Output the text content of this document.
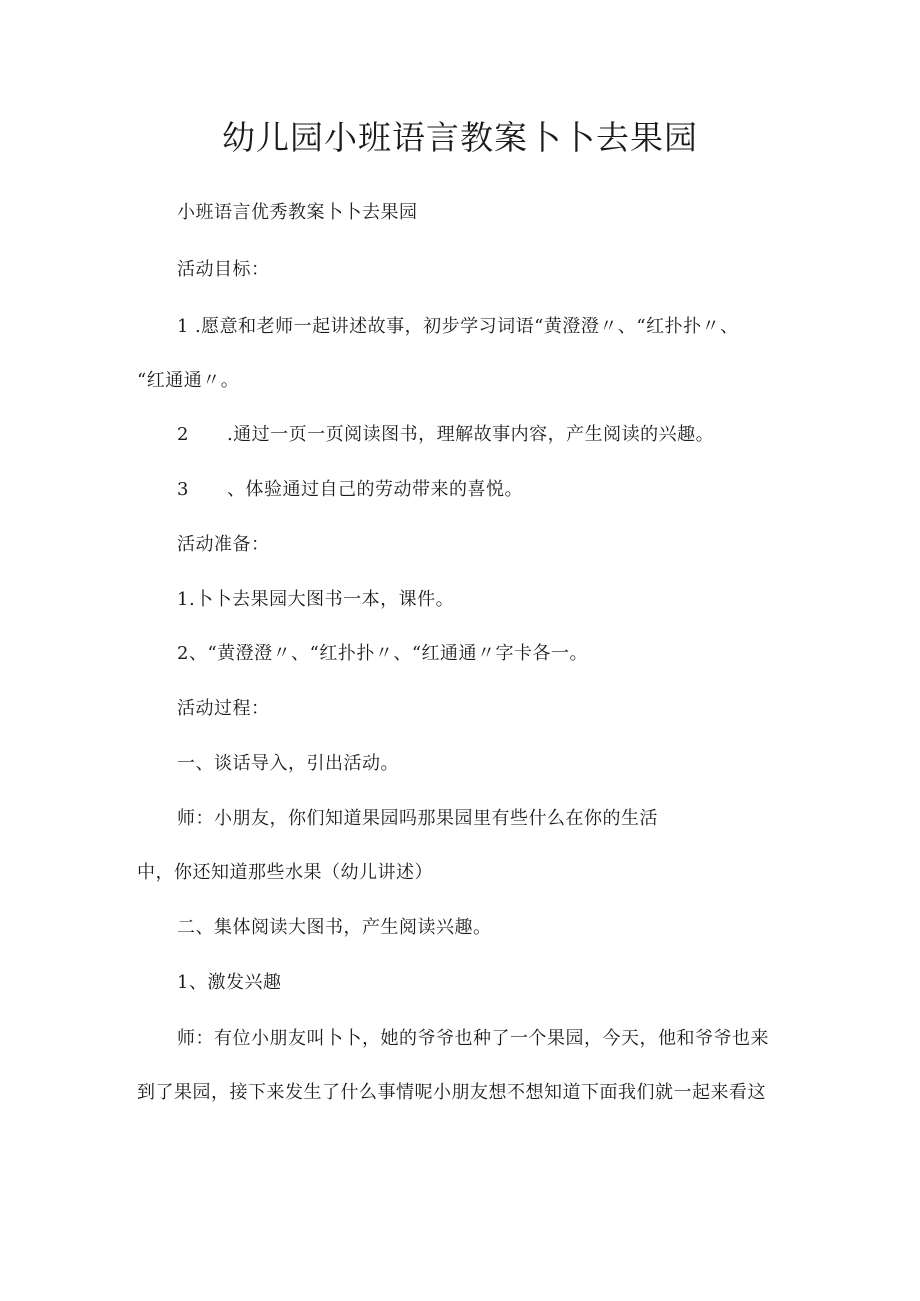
幼儿园小班语言教案卜卜去果园
小班语言优秀教案卜卜去果园
活动目标：
1 .愿意和老师一起讲述故事，初步学习词语“黄澄澄〃、“红扑扑〃、
“红通通〃。
2 .通过一页一页阅读图书，理解故事内容，产生阅读的兴趣。
3 、体验通过自己的劳动带来的喜悦。
活动准备：
1.卜卜去果园大图书一本，课件。
2、“黄澄澄〃、“红扑扑〃、“红通通〃字卡各一。
活动过程：
一、谈话导入，引出活动。
师：小朋友，你们知道果园吗那果园里有些什么在你的生活
中，你还知道那些水果（幼儿讲述）
二、集体阅读大图书，产生阅读兴趣。
1、激发兴趣
师：有位小朋友叫卜卜，她的爷爷也种了一个果园，今天，他和爷爷也来
到了果园，接下来发生了什么事情呢小朋友想不想知道下面我们就一起来看这
